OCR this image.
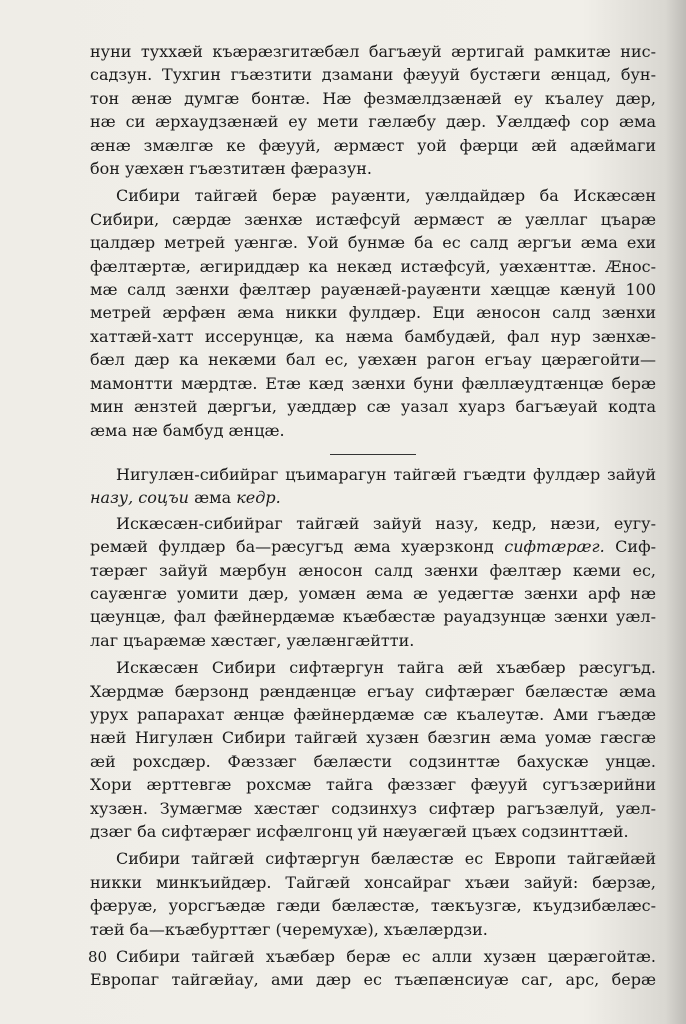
нуни туххæй къæрæзгитæбæл багъæуй æртигай рамкитæ нис-
садзун. Тухгин гъæзтити дзамани фæууй бустæги æнцад, бун-
тон æнæ думгæ бонтæ. Нæ фезмæлдзæнæй еу къалеу дæр,
нæ си æрхаудзæнæй еу мети гæлæбу дæр. Уæлдæф сор æма
æнæ змæлгæ ке фæууй, æрмæст уой фæрци æй адæймаги
бон уæхæн гъæзтитæн фæразун.

Сибири тайгæй берæ рауæнти, уæлдайдæр ба Искæсæн
Сибири, сæрдæ зæнхæ истæфсуй æрмæст æ уæллаг цъарæ
цалдæр метрей уæнгæ. Уой бунмæ ба ес салд æргъи æма ехи
фæлтæртæ, æгириддæр ка некæд истæфсуй, уæхæнттæ. Æнос-
мæ салд зæнхи фæлтæр рауæнæй-рауæнти хæццæ кæнуй 100
метрей æрфæн æма никки фулдæр. Еци æносон салд зæнхи
хаттæй-хатт иссерунцæ, ка нæма бамбудæй, фал нур зæнхæ-
бæл дæр ка некæми бал ес, уæхæн рагон егъау цæрæгойти—
мамонтти мæрдтæ. Етæ кæд зæнхи буни фæллæудтæнцæ берæ
мин æнзтей дæргъи, уæддæр сæ уазал хуарз багъæуай кодта
æма нæ бамбуд æнцæ.

Нигулæн-сибийраг цъимарагун тайгæй гъæдти фулдæр зайуй
назу, соцъи æма кедр.

Искæсæн-сибийраг тайгæй зайуй назу, кедр, нæзи, еугу-
ремæй фулдæр ба—рæсугъд æма хуæрзконд сифтæрæг. Сиф-
тæрæг зайуй мæрбун æносон салд зæнхи фæлтæр кæми ес,
сауæнгæ уомити дæр, уомæн æма æ уедæгтæ зæнхи арф нæ
цæунцæ, фал фæйнердæмæ къæбæстæ рауадзунцæ зæнхи уæл-
лаг цъарæмæ хæстæг, уæлæнгæйтти.

Искæсæн Сибири сифтæргун тайга æй хъæбæр рæсугъд.
Хæрдмæ бæрзонд рæндæнцæ егъау сифтæрæг бæлæстæ æма
урух рапарахат æнцæ фæйнердæмæ сæ къалеутæ. Ами гъæдæ
нæй Нигулæн Сибири тайгæй хузæн бæзгин æма уомæ гæсгæ
æй рохсдæр. Фæззæг бæлæсти содзинттæ бахускæ унцæ.
Хори æрттевгæ рохсмæ тайга фæззæг фæууй сугъзæрийни
хузæн. Зумæгмæ хæстæг содзинхуз сифтæр рагъзæлуй, уæл-
дзæг ба сифтæрæг исфæлгонц уй нæуæгæй цъæх содзинттæй.

Сибири тайгæй сифтæргун бæлæстæ ес Европи тайгæйæй
никки минкъийдæр. Тайгæй хонсайраг хъæи зайуй: бæрзæ,
фæруæ, уорсгъæдæ гæди бæлæстæ, тæкъузгæ, къудзибæлæс-
тæй ба—къæбурттæг (черемухæ), хъæлæрдзи.

Сибири тайгæй хъæбæр берæ ес алли хузæн цæрæгойтæ.
Европаг тайгæйау, ами дæр ес тъæпæнсиуæ саг, арс, берæ

80
